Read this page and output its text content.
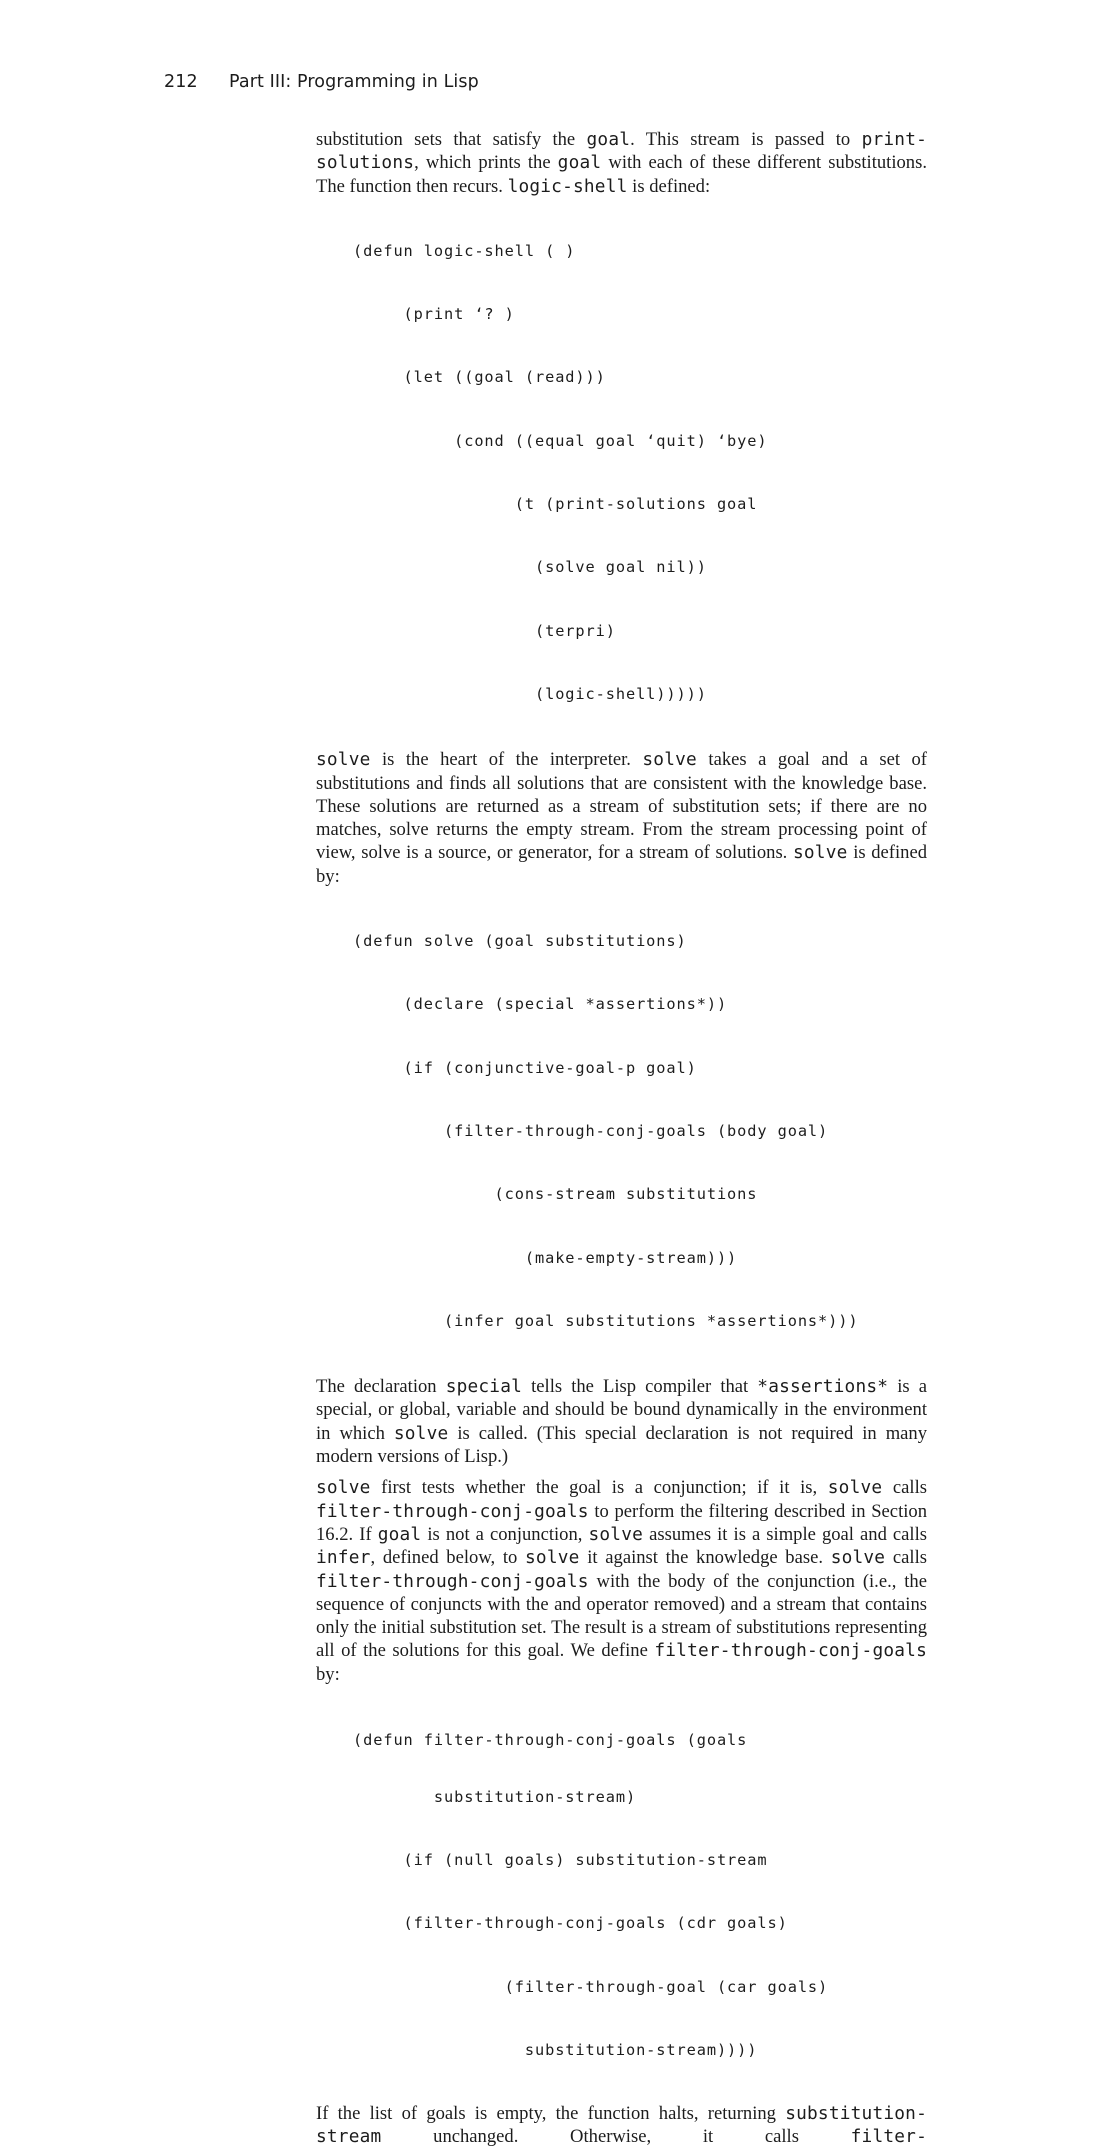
212 Part III: Programming in Lisp

substitution sets that satisfy the goal. This stream is passed to print-solutions, which prints the goal with each of these different substitutions. The function then recurs. logic-shell is defined:

(defun logic-shell ( )

(print ‘? )

(let ((goal (read)))

(cond ((equal goal ‘quit) ‘bye)

(t (print-solutions goal

(solve goal nil))

(terpri)

(logic-shell)))))

solve is the heart of the interpreter. solve takes a goal and a set of substitutions and finds all solutions that are consistent with the knowledge base. These solutions are returned as a stream of substitution sets; if there are no matches, solve returns the empty stream. From the stream processing point of view, solve is a source, or generator, for a stream of solutions. solve is defined by:

(defun solve (goal substitutions)

(declare (special *assertions*))

(if (conjunctive-goal-p goal)

(filter-through-conj-goals (body goal)

(cons-stream substitutions

(make-empty-stream)))

(infer goal substitutions *assertions*)))

The declaration special tells the Lisp compiler that *assertions* is a special, or global, variable and should be bound dynamically in the environment in which solve is called. (This special declaration is not required in many modern versions of Lisp.)

solve first tests whether the goal is a conjunction; if it is, solve calls filter-through-conj-goals to perform the filtering described in Section 16.2. If goal is not a conjunction, solve assumes it is a simple goal and calls infer, defined below, to solve it against the knowledge base. solve calls filter-through-conj-goals with the body of the conjunction (i.e., the sequence of conjuncts with the and operator removed) and a stream that contains only the initial substitution set. The result is a stream of substitutions representing all of the solutions for this goal. We define filter-through-conj-goals by:

(defun filter-through-conj-goals (goals

substitution-stream)

(if (null goals) substitution-stream

(filter-through-conj-goals (cdr goals)

(filter-through-goal (car goals)

substitution-stream))))

If the list of goals is empty, the function halts, returning substitution-stream unchanged. Otherwise, it calls filter-
